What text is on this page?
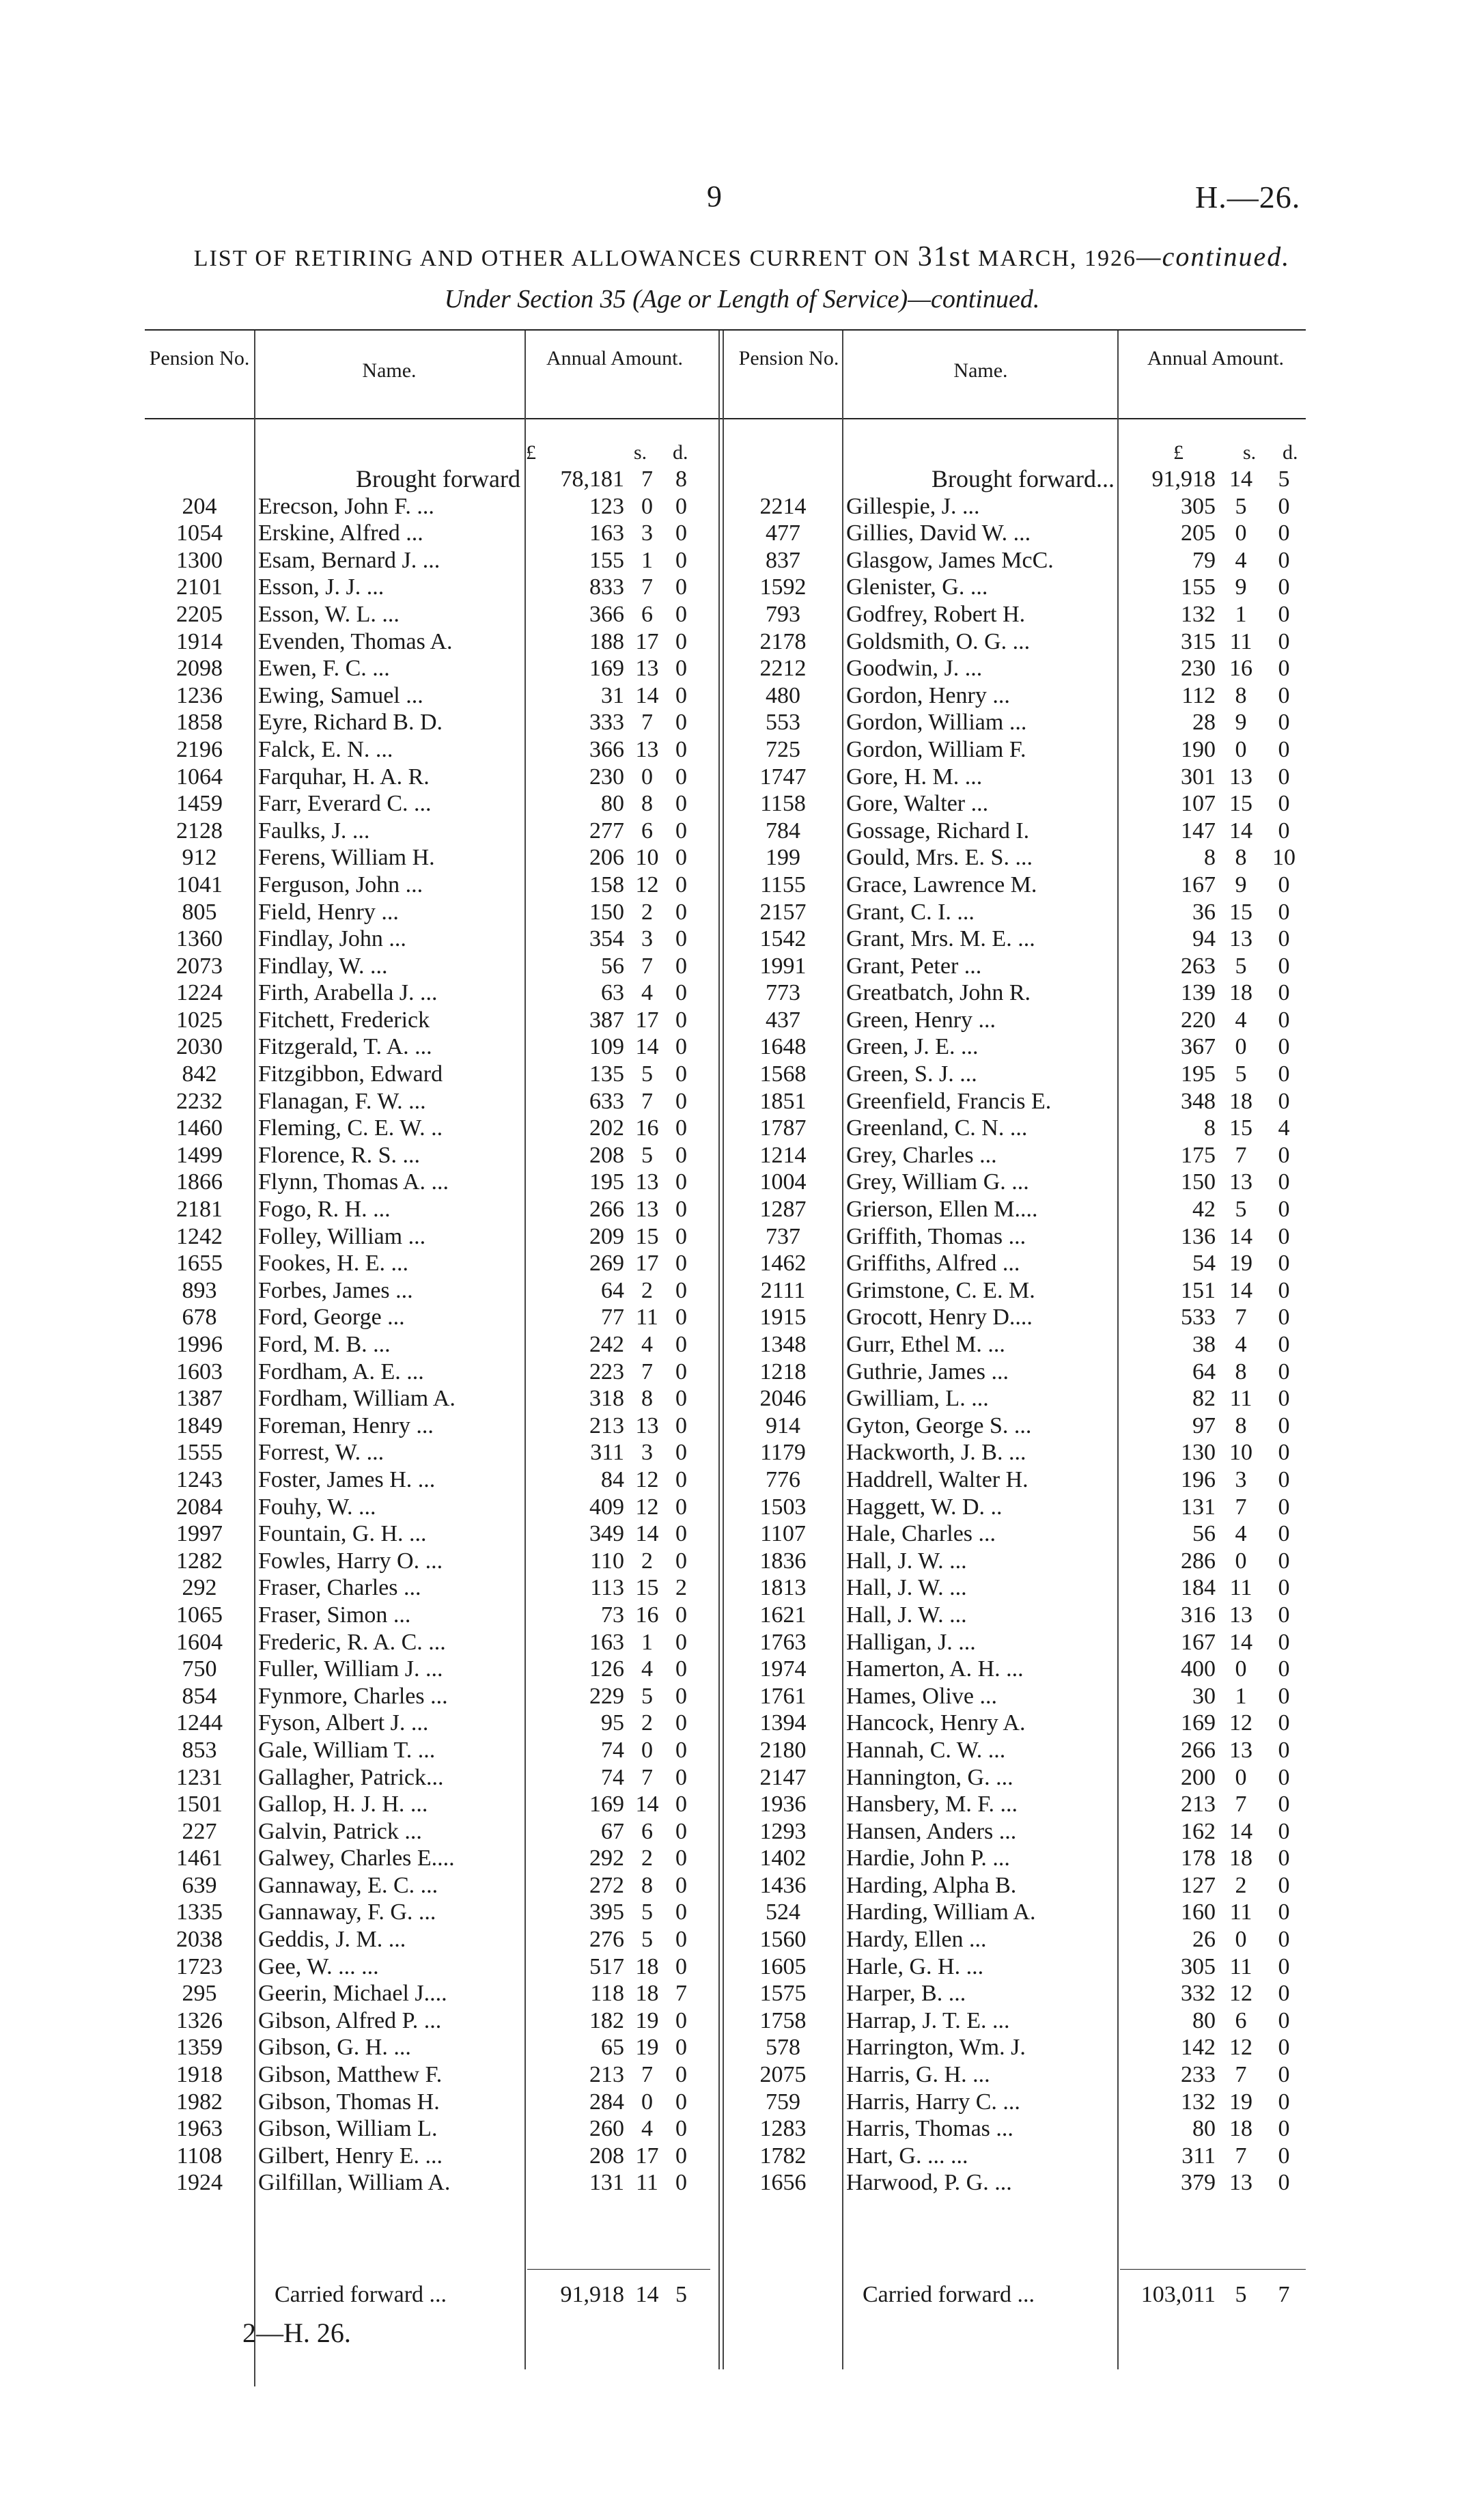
9	H.—26.
LIST OF RETIRING AND OTHER ALLOWANCES CURRENT ON 31st MARCH, 1926—continued.
Under Section 35 (Age or Length of Service)—continued.
Pension No.
Name.
Annual Amount.	Pension No.
Name.
Annual Amount.
£	s. d.	£	s. d.
	Brought forward	78,181	7	8
204	Erecson, John F. ...	123	0	0
1054	Erskine, Alfred ...	163	3	0
1300	Esam, Bernard J. ...	155	1	0
2101	Esson, J. J. ...	833	7	0
2205	Esson, W. L. ...	366	6	0
1914	Evenden, Thomas A.	188	17	0
2098	Ewen, F. C. ...	169	13	0
1236	Ewing, Samuel ...	31	14	0
1858	Eyre, Richard B. D.	333	7	0
2196	Falck, E. N. ...	366	13	0
1064	Farquhar, H. A. R.	230	0	0
1459	Farr, Everard C. ...	80	8	0
2128	Faulks, J. ...	277	6	0
912	Ferens, William H.	206	10	0
1041	Ferguson, John ...	158	12	0
805	Field, Henry ...	150	2	0
1360	Findlay, John ...	354	3	0
2073	Findlay, W. ...	56	7	0
1224	Firth, Arabella J. ...	63	4	0
1025	Fitchett, Frederick	387	17	0
2030	Fitzgerald, T. A. ...	109	14	0
842	Fitzgibbon, Edward	135	5	0
2232	Flanagan, F. W. ...	633	7	0
1460	Fleming, C. E. W. ..	202	16	0
1499	Florence, R. S. ...	208	5	0
1866	Flynn, Thomas A. ...	195	13	0
2181	Fogo, R. H. ...	266	13	0
1242	Folley, William ...	209	15	0
1655	Fookes, H. E. ...	269	17	0
893	Forbes, James ...	64	2	0
678	Ford, George ...	77	11	0
1996	Ford, M. B. ...	242	4	0
1603	Fordham, A. E. ...	223	7	0
1387	Fordham, William A.	318	8	0
1849	Foreman, Henry ...	213	13	0
1555	Forrest, W. ...	311	3	0
1243	Foster, James H. ...	84	12	0
2084	Fouhy, W. ...	409	12	0
1997	Fountain, G. H. ...	349	14	0
1282	Fowles, Harry O. ...	110	2	0
292	Fraser, Charles ...	113	15	2
1065	Fraser, Simon ...	73	16	0
1604	Frederic, R. A. C. ...	163	1	0
750	Fuller, William J. ...	126	4	0
854	Fynmore, Charles ...	229	5	0
1244	Fyson, Albert J. ...	95	2	0
853	Gale, William T. ...	74	0	0
1231	Gallagher, Patrick...	74	7	0
1501	Gallop, H. J. H. ...	169	14	0
227	Galvin, Patrick ...	67	6	0
1461	Galwey, Charles E....	292	2	0
639	Gannaway, E. C. ...	272	8	0
1335	Gannaway, F. G. ...	395	5	0
2038	Geddis, J. M. ...	276	5	0
1723	Gee, W. ... ...	517	18	0
295	Geerin, Michael J....	118	18	7
1326	Gibson, Alfred P. ...	182	19	0
1359	Gibson, G. H. ...	65	19	0
1918	Gibson, Matthew F.	213	7	0
1982	Gibson, Thomas H.	284	0	0
1963	Gibson, William L.	260	4	0
1108	Gilbert, Henry E. ...	208	17	0
1924	Gilfillan, William A.	131	11	0
	Brought forward...	91,918	14	5
2214	Gillespie, J. ...	305	5	0
477	Gillies, David W. ...	205	0	0
837	Glasgow, James McC.	79	4	0
1592	Glenister, G. ...	155	9	0
793	Godfrey, Robert H.	132	1	0
2178	Goldsmith, O. G. ...	315	11	0
2212	Goodwin, J. ...	230	16	0
480	Gordon, Henry ...	112	8	0
553	Gordon, William ...	28	9	0
725	Gordon, William F.	190	0	0
1747	Gore, H. M. ...	301	13	0
1158	Gore, Walter ...	107	15	0
784	Gossage, Richard I.	147	14	0
199	Gould, Mrs. E. S. ...	8	8	10
1155	Grace, Lawrence M.	167	9	0
2157	Grant, C. I. ...	36	15	0
1542	Grant, Mrs. M. E. ...	94	13	0
1991	Grant, Peter ...	263	5	0
773	Greatbatch, John R.	139	18	0
437	Green, Henry ...	220	4	0
1648	Green, J. E. ...	367	0	0
1568	Green, S. J. ...	195	5	0
1851	Greenfield, Francis E.	348	18	0
1787	Greenland, C. N. ...	8	15	4
1214	Grey, Charles ...	175	7	0
1004	Grey, William G. ...	150	13	0
1287	Grierson, Ellen M....	42	5	0
737	Griffith, Thomas ...	136	14	0
1462	Griffiths, Alfred ...	54	19	0
2111	Grimstone, C. E. M.	151	14	0
1915	Grocott, Henry D....	533	7	0
1348	Gurr, Ethel M. ...	38	4	0
1218	Guthrie, James ...	64	8	0
2046	Gwilliam, L. ...	82	11	0
914	Gyton, George S. ...	97	8	0
1179	Hackworth, J. B. ...	130	10	0
776	Haddrell, Walter H.	196	3	0
1503	Haggett, W. D. ..	131	7	0
1107	Hale, Charles ...	56	4	0
1836	Hall, J. W. ...	286	0	0
1813	Hall, J. W. ...	184	11	0
1621	Hall, J. W. ...	316	13	0
1763	Halligan, J. ...	167	14	0
1974	Hamerton, A. H. ...	400	0	0
1761	Hames, Olive ...	30	1	0
1394	Hancock, Henry A.	169	12	0
2180	Hannah, C. W. ...	266	13	0
2147	Hannington, G. ...	200	0	0
1936	Hansbery, M. F. ...	213	7	0
1293	Hansen, Anders ...	162	14	0
1402	Hardie, John P. ...	178	18	0
1436	Harding, Alpha B.	127	2	0
524	Harding, William A.	160	11	0
1560	Hardy, Ellen ...	26	0	0
1605	Harle, G. H. ...	305	11	0
1575	Harper, B. ...	332	12	0
1758	Harrap, J. T. E. ...	80	6	0
578	Harrington, Wm. J.	142	12	0
2075	Harris, G. H. ...	233	7	0
759	Harris, Harry C. ...	132	19	0
1283	Harris, Thomas ...	80	18	0
1782	Hart, G. ... ...	311	7	0
1656	Harwood, P. G. ...	379	13	0
	Carried forward ...	91,918	14	5
		Carried forward ...	103,011	5	7
2—H. 26.
